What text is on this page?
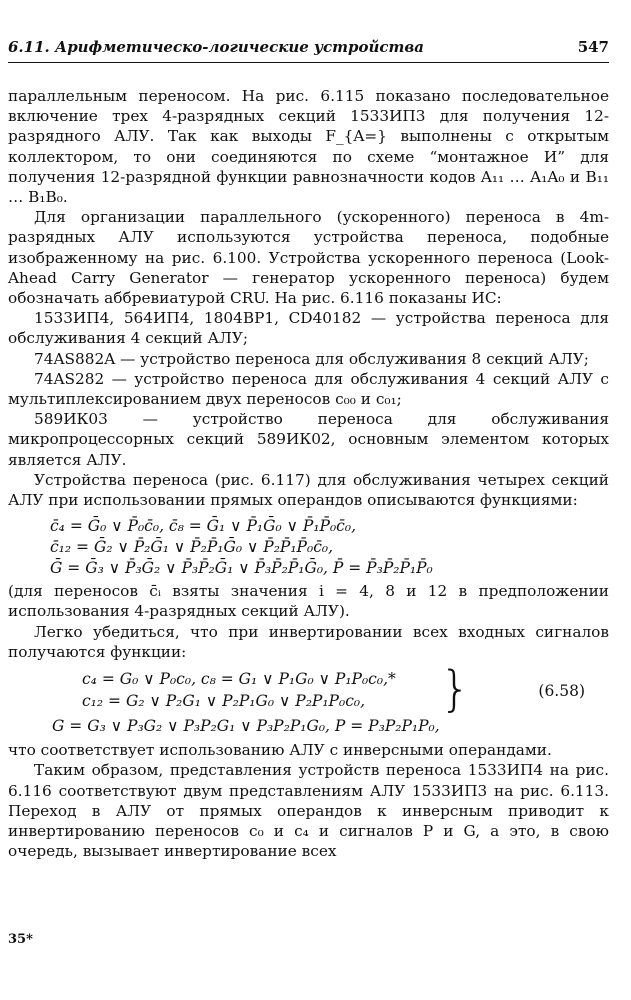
6.11. Арифметическо-логические устройства	547

параллельным переносом. На рис. 6.115 показано последовательное включение трех 4-разрядных секций 1533ИП3 для получения 12-разрядного АЛУ. Так как выходы F_{A=} выполнены с открытым коллектором, то они соединяются по схеме “монтажное И” для получения 12-разрядной функции равнозначности кодов A₁₁ … A₁A₀ и B₁₁ … B₁B₀.

Для организации параллельного (ускоренного) переноса в 4m-разрядных АЛУ используются устройства переноса, подобные изображенному на рис. 6.100. Устройства ускоренного переноса (Look-Ahead Carry Generator — генератор ускоренного переноса) будем обозначать аббревиатурой CRU. На рис. 6.116 показаны ИС:

1533ИП4, 564ИП4, 1804ВР1, CD40182 — устройства переноса для обслуживания 4 секций АЛУ;

74AS882A — устройство переноса для обслуживания 8 секций АЛУ;

74AS282 — устройство переноса для обслуживания 4 секций АЛУ с мультиплексированием двух переносов c₀₀ и c₀₁;

589ИК03 — устройство переноса для обслуживания микропроцессорных секций 589ИК02, основным элементом которых является АЛУ.

Устройства переноса (рис. 6.117) для обслуживания четырех секций АЛУ при использовании прямых операндов описываются функциями:

c̄₄ = Ḡ₀ ∨ P̄₀c̄₀, c̄₈ = Ḡ₁ ∨ P̄₁Ḡ₀ ∨ P̄₁P̄₀c̄₀,
c̄₁₂ = Ḡ₂ ∨ P̄₂Ḡ₁ ∨ P̄₂P̄₁Ḡ₀ ∨ P̄₂P̄₁P̄₀c̄₀,
Ḡ = Ḡ₃ ∨ P̄₃Ḡ₂ ∨ P̄₃P̄₂Ḡ₁ ∨ P̄₃P̄₂P̄₁Ḡ₀, P̄ = P̄₃P̄₂P̄₁P̄₀

(для переносов c̄ᵢ взяты значения i = 4, 8 и 12 в предположении использования 4-разрядных секций АЛУ).

Легко убедиться, что при инвертировании всех входных сигналов получаются функции:

c₄ = G₀ ∨ P₀c₀, c₈ = G₁ ∨ P₁G₀ ∨ P₁P₀c₀,*
c₁₂ = G₂ ∨ P₂G₁ ∨ P₂P₁G₀ ∨ P₂P₁P₀c₀,	}	(6.58)
G = G₃ ∨ P₃G₂ ∨ P₃P₂G₁ ∨ P₃P₂P₁G₀, P = P₃P₂P₁P₀,

что соответствует использованию АЛУ с инверсными операндами.

Таким образом, представления устройств переноса 1533ИП4 на рис. 6.116 соответствуют двум представлениям АЛУ 1533ИП3 на рис. 6.113. Переход в АЛУ от прямых операндов к инверсным приводит к инвертированию переносов c₀ и c₄ и сигналов P и G, а это, в свою очередь, вызывает инвертирование всех

35*
